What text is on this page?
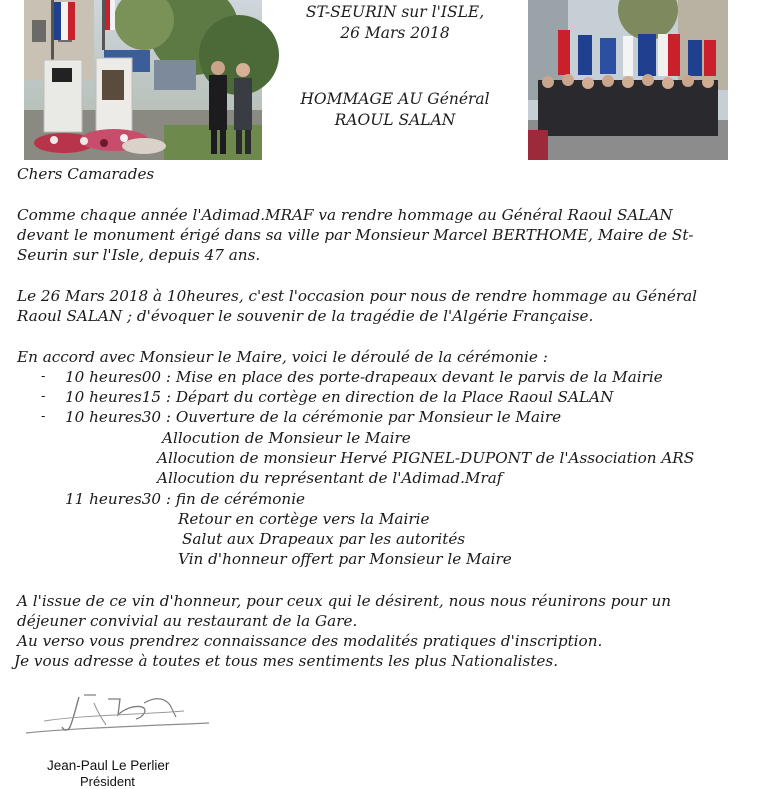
ST-SEURIN sur l'ISLE,
26 Mars 2018
HOMMAGE AU Général
RAOUL SALAN
Chers Camarades
Comme chaque année l'Adimad.MRAF va rendre hommage au Général Raoul SALAN
devant le monument érigé dans sa ville par Monsieur Marcel BERTHOME, Maire de St-
Seurin sur l'Isle, depuis 47 ans.
Le 26 Mars 2018 à 10heures, c'est l'occasion pour nous de rendre hommage au Général
Raoul SALAN ; d'évoquer le souvenir de la tragédie de l'Algérie Française.
En accord avec Monsieur le Maire, voici le déroulé de la cérémonie :
- 10 heures00 : Mise en place des porte-drapeaux devant le parvis de la Mairie
- 10 heures15 : Départ du cortège en direction de la Place Raoul SALAN
- 10 heures30 : Ouverture de la cérémonie par Monsieur le Maire
Allocution de Monsieur le Maire
Allocution de monsieur Hervé PIGNEL-DUPONT de l'Association ARS
Allocution du représentant de l'Adimad.Mraf
11 heures30 : fin de cérémonie
Retour en cortège vers la Mairie
Salut aux Drapeaux par les autorités
Vin d'honneur offert par Monsieur le Maire
A l'issue de ce vin d'honneur, pour ceux qui le désirent, nous nous réunirons pour un
déjeuner convivial au restaurant de la Gare.
Au verso vous prendrez connaissance des modalités pratiques d'inscription.
Je vous adresse à toutes et tous mes sentiments les plus Nationalistes.
Jean-Paul Le Perlier
Président
